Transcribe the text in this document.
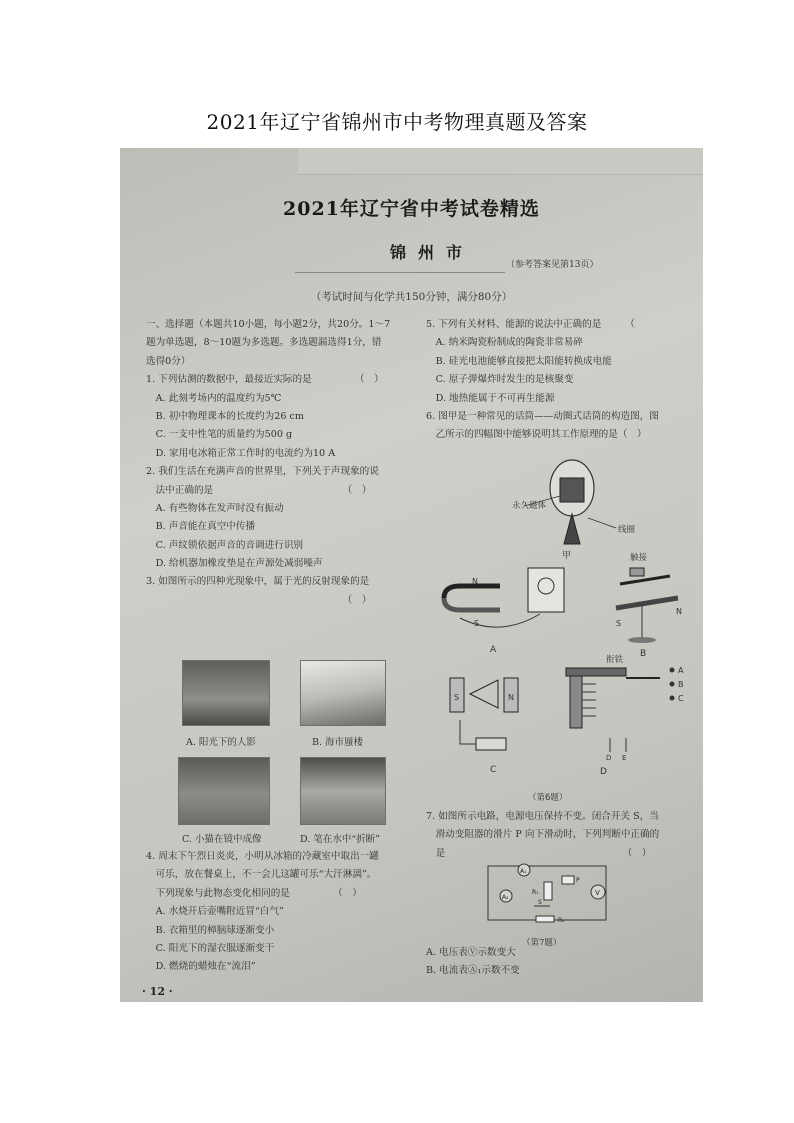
2021年辽宁省锦州市中考物理真题及答案
2021年辽宁省中考试卷精选
锦州市
（参考答案见第13页）
（考试时间与化学共150分钟，满分80分）
一、选择题（本题共10小题，每小题2分，共20分。1～7
题为单选题，8～10题为多选题。多选题漏选得1分，错
选得0分）
1. 下列估测的数据中，最接近实际的是　　　　　（　）
　A. 此刻考场内的温度约为5℃
　B. 初中物理课本的长度约为26 cm
　C. 一支中性笔的质量约为500 g
　D. 家用电冰箱正常工作时的电流约为10 A
2. 我们生活在充满声音的世界里，下列关于声现象的说
　法中正确的是　　　　　　　　　　　　　　（　）
　A. 有些物体在发声时没有振动
　B. 声音能在真空中传播
　C. 声纹锁依据声音的音调进行识别
　D. 给机器加橡皮垫是在声源处减弱噪声
3. 如图所示的四种光现象中，属于光的反射现象的是
　　　　　　　　　　　　　　　　　　　　　（　）
A. 阳光下的人影	B. 海市蜃楼
C. 小猫在镜中成像	D. 笔在水中“折断”
4. 周末下午烈日炎炎，小明从冰箱的冷藏室中取出一罐
　可乐，放在餐桌上，不一会儿这罐可乐“大汗淋漓”。
　下列现象与此物态变化相同的是　　　　　（　）
　A. 水烧开后壶嘴附近冒“白气”
　B. 衣箱里的樟脑球逐渐变小
　C. 阳光下的湿衣服逐渐变干
　D. 燃烧的蜡烛在“流泪”
5. 下列有关材料、能源的说法中正确的是　　　（
　A. 纳米陶瓷粉制成的陶瓷非常易碎
　B. 硅光电池能够直接把太阳能转换成电能
　C. 原子弹爆炸时发生的是核聚变
　D. 地热能属于不可再生能源
6. 图甲是一种常见的话筒——动圈式话筒的构造图，图
　乙所示的四幅图中能够说明其工作原理的是（　）
永久磁体
线圈
甲
N
S
A
S
N
触接
B
S	N
C
A
B
C
D E
衔铁
D
（第6题）
7. 如图所示电路，电源电压保持不变。闭合开关 S，当
　滑动变阻器的滑片 P 向下滑动时，下列判断中正确的
　是　　　　　　　　　　　　　　　　　　　（　）
A₁
A₂
R₁
P
V
S
R₂
（第7题）
A. 电压表Ⓥ示数变大
B. 电流表Ⓐ₁示数不变
· 12 ·
